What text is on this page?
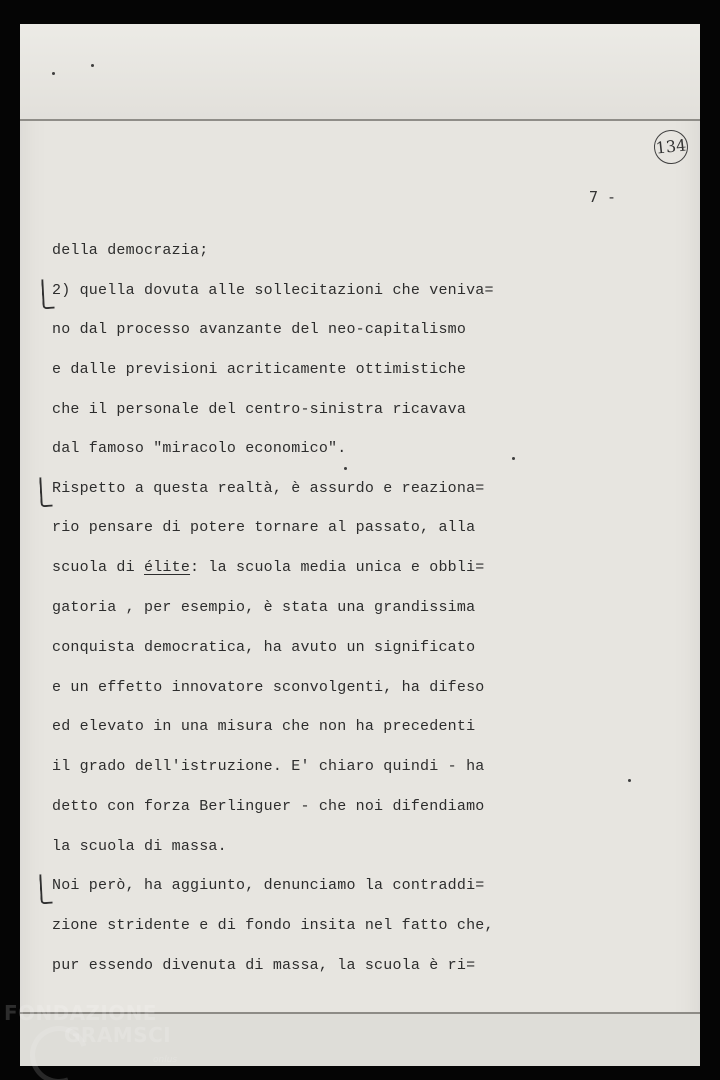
134
7 -
della democrazia;
2) quella dovuta alle sollecitazioni che veniva=
no dal processo avanzante del neo-capitalismo
e dalle previsioni acriticamente ottimistiche
che il personale del centro-sinistra ricavava
dal famoso "miracolo economico".
Rispetto a questa realtà, è assurdo e reaziona=
rio pensare di potere tornare al passato, alla
scuola di élite: la scuola media unica e obbli=
gatoria , per esempio, è stata una grandissima
conquista democratica, ha avuto un significato
e un effetto innovatore sconvolgenti, ha difeso
ed elevato in una misura che non ha precedenti
il grado dell'istruzione. E' chiaro quindi - ha
detto con forza Berlinguer - che noi difendiamo
la scuola di massa.
Noi però, ha aggiunto, denunciamo la contraddi=
zione stridente e di fondo insita nel fatto che,
pur essendo divenuta di massa, la scuola è ri=
FONDAZIONE
GRAMSCI
onlus
